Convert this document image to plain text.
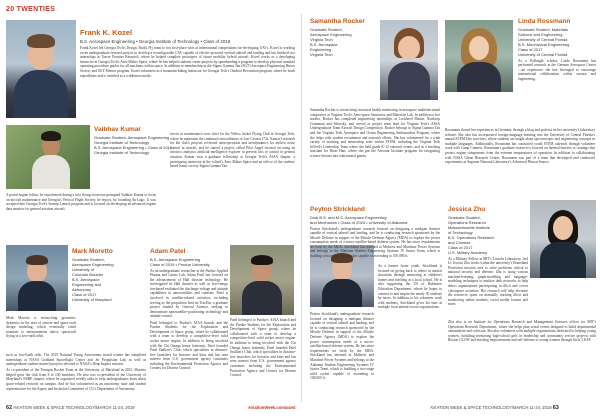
20 TWENTIES
Frank K. Kozel
B.S. Aerospace Engineering • Georgia Institute of Technology • Class of 2019

Frank Kozel led Georgia Tech's Design, Build, Fly team to two first-place wins at international competitions for developing UAVs. Kozel is working on an undergraduate research project to develop a reconfigurable CAV capable of electric-powered vertical takeoff and landing and has finished two internships at Tracer Frontier Research, where he helped complete prototypes of future mobility hybrid aircraft. Kozel works as a developing instructor at Georgia Tech's Aero Maker Space, where he has helped students create projects by spearheading a program to develop physical standard operating procedure guides for all machines within space. In addition to membership in the Sigma Gamma Tau (SGT) Aerospace Engineering Honor Society and SGT Mentor program, Kozel volunteers as a mountain-biking instructor for Georgia Tech's Outdoor Recreation program, where he leads expeditions and is certified as a wilderness medic.

A portal engine fellow, he experienced during a solo flying excursion prompted Vaibhav Kumar to focus on aircraft maintenance and Georgia's Vertical Flight Society, he enjoys, by founding AirLogic. It was accepted into Georgia Tech's Startup Launch program and is focused on developing an advanced engine data monitor for general aviation aircraft.

Vaibhav Kumar
Graduate Student, Aerospace Engineering
Georgia Institute of Technology
B.S. Aerospace Engineering • Class of 2016
Georgia Institute of Technology

serves as maintenance crew chief for the Yellow Jacket Flying Club at Georgia Tech, where he maintains the continued airworthiness of four Cessna 172s. Kumar's research for the club's projects reviewed intra-operation and aerodynamics for airflow noise control in aircraft, and he started a project called Pilot Angel focused on using an avionics analytics artificial-intelligence explorer to prevent loss of control in general aviation. Kumar won a graduate fellowship at Georgia Tech's AIAA chapter, a prototyping instructor at the school's Aero Maker Space and an officer of the student-based honor society Sigma Gamma Tau.

Mark Moretto
Graduate Student,
Aerospace Engineering
University of
Colorado Boulder
B.S. Aerospace
Engineering and
Astronomy
Class of 2017
University of Maryland

Mark Moretto is researching geometric dynamics in the area of remote and space-craft design modeling, which eventually could translate to measurements above spacecraft flying in a low-earth orbit.

such as low-Earth orbit. The 2019 National Young Astronomer award winner has completed internships at NASA Goddard Spaceflight Center and Jet Propulsion Lab, as well as undergraduate student research projects devoted to NASA's Deep Impact mission.

As co-president of the Terrapin Rocket Team at the University of Maryland in 2015, Moretto helped grow the club from 8 to 100 members. He also was co-president of the University of Maryland's NSBE chapter, where he organized weekly talks to help undergraduates learn about space-related research on campus. And he has volunteered as an astronomy tutor and student representative for the Equity and Inclusion Committee of CU's Department of Astronomy.

Adam Patel
B.S. Aerospace Engineering
Class of 2019 • Purdue University

As an undergraduate researcher at the Purdue Applied Plasma and Lasers Lab, Adam Patel has focused on the advancement of Hall thruster technology. He investigated its Hall thruster as well as low-energy ion-based evaluated the discharge voltage and attitude capabilities in nanosatellites and cubesats. Patel is involved in satellite-related activities, including serving as the propulsion lead on TracEm, a graduate project funded by General Atomics seeking to demonstrate nanosatellite-positioning technology and attitude control.

Patel belonged to Purdue's AIAA branch and the Purdue Students for the Exploration and Development of Space group, where he collaborated with a team to develop a competitive-level solid rocket motor engine. In addition to being involved with the Chi Omega honor fraternity, Patel founded Patel Stallion's Club, which specializes in distance-free launchers for boosters and kites and has seen interest from U.S. government agency customers including the Environmental Protection Agency and Centers for Disease Control.

Patel belonged to Purdue's AIAA branch and the Purdue Students for the Exploration and Development of Space group, where he collaborated with a team to develop a competitive-level solid rocket motor engine. In addition to being involved with the Chi Omega honor fraternity, Patel founded Patel Stallion's Club, which specializes in distance-free launchers for boosters and kites and has seen interest from U.S. government agency customers including the Environmental Protection Agency and Centers for Disease Control.

62 AVIATION WEEK & SPACE TECHNOLOGY/MARCH 11-24, 2019	AviationWeek.com/awst
Samantha Rocker
Graduate Student,
Aerospace Engineering
Virginia Tech
B.S. Aerospace
Engineering
Virginia Tech

Samantha Rocker is researching structural health monitoring in aerospace multifunctional composites at Virginia Tech's Aero-space Structures and Materials Lab. In addition to her studies, Rocker has completed engineering internships at Lockheed Martin, Northrop Grumman and Sikorsky, and served as project team lead for Virginia Tech's AIAA Undergraduate Team Aircraft Design Competition. Rocker belongs to Sigma Gamma Tau and the Virginia Tech Aerospace and Ocean Engineering Ambassadors Program, where she helps with student recruitment and outreach efforts. She has volunteered for a wide variety of teaching and mentorship roles within STEM, including the Virginia Tech InVenTs Leadership Team where she held grade K-12 outreach events, and as a teaching assistant for Bitao Hart, where she put her Aerostar Institute program for integrating science lessons into educational games.

Linda Rossmann
Graduate Student, Materials
Science and Engineering
University of Central Florida
B.S. Mechanical Engineering
Class of 2017
University of Central Florida

As a Fulbright scholar, Linda Rossmann has performed research at the German Aerospace Center—an experience she has leveraged to encourage international collaboration within science and engineering.

Rossmann shared her experiences in Germany through a blog and podcast on her university's laboratory website. She also has incorporated foreign-language learning into the University of Central Florida's annual STEM Day activities, where students are taught about spectroscopic and engineering concepts in multiple languages. Additionally, Rossmann has conducted youth STEM outreach through volunteer work with Camp Connect. Rossmann's graduate research is focused on thermal barriers or coatings that protect engine components from the extreme temperatures of operation. In addition to collaborating with NASA Glenn Research Center, Rossmann was part of a team that developed and conducted experiments at Argonne National Laboratory's Advanced Photon Source.

Peyton Strickland
Dual B.S. and M.S. Aerospace Engineering
and Mechanics • Class of 2020 • University of Alabama

Peyton Strickland's undergraduate research focused on designing a midspan thruster capable of vertical takeoff and landing, and he is conducting research sponsored by the Missile Defense in support of the Missile Defense Agency (MDA) to explore the power consumption needs of a micro-satellite-based defense system. He has since requirements set forth by the MDA. Strickland has interned at Midwest and Maritime Power Systems and belongs to the Alabama Student Engineering Systems IV Junior Team, which is building a two-stage solid rocket capable of ascending to 100,000 ft.

As a former foster youth, Strickland is focused on giving back to others in similar situations through mentoring at children's homes and teaching at a local school. He is also supporting the US of Baltimore Education Department, where he hopes to connect to and inspire the nearly 30 students he tutors. In addition to his volunteer work with students, Strickland gives his time at multiple local animal rescue organizations.

Peyton Strickland's undergraduate research focused on designing a midspan thruster capable of vertical takeoff and landing, and he is conducting research sponsored by the Missile Defense in support of the Missile Defense Agency (MDA) to explore the power consumption needs of a micro-satellite-based defense system. He has since requirements set forth by the MDA. Strickland has interned at Midwest and Maritime Power Systems and belongs to the Alabama Student Engineering Systems IV Junior Team, which is building a two-stage solid rocket capable of ascending to 100,000 ft.

Jessica Zhu
Graduate Student,
Operations Research
Massachusetts Institute
of Technology
B.S. Operations Research
and Chinese
Class of 2017
U.S. Military Academy

As a Military Fellow at MIT's Lincoln Laboratory, 2nd Lt. Jessica Zhu works within the university's Homeland Protection mission area to solve problems critical to national security and defense. Zhu is using various machine-learning, graph-modeling and language-modeling techniques to analyze dark networks to help detect organizations participating in illicit and covert cyberspace activities. Her research will help decrease the resources spent on manually tracking illicit and monitoring online markets, social media forums and more.

Zhu also is an Institute for Operations Research and Management Sciences officer for MIT's Operations Research Department, where she helps plan social events designed to build departmental camaraderie and cohesion. She also volunteers with multiple organizations dedicated to helping young women, including mentoring high-school girls in leadership and community service projects with Boston GLOW and teaching empowerment and self-defense to young women through Girls' LEAP.

AVIATION WEEK & SPACE TECHNOLOGY/MARCH 11-24, 2019 63
